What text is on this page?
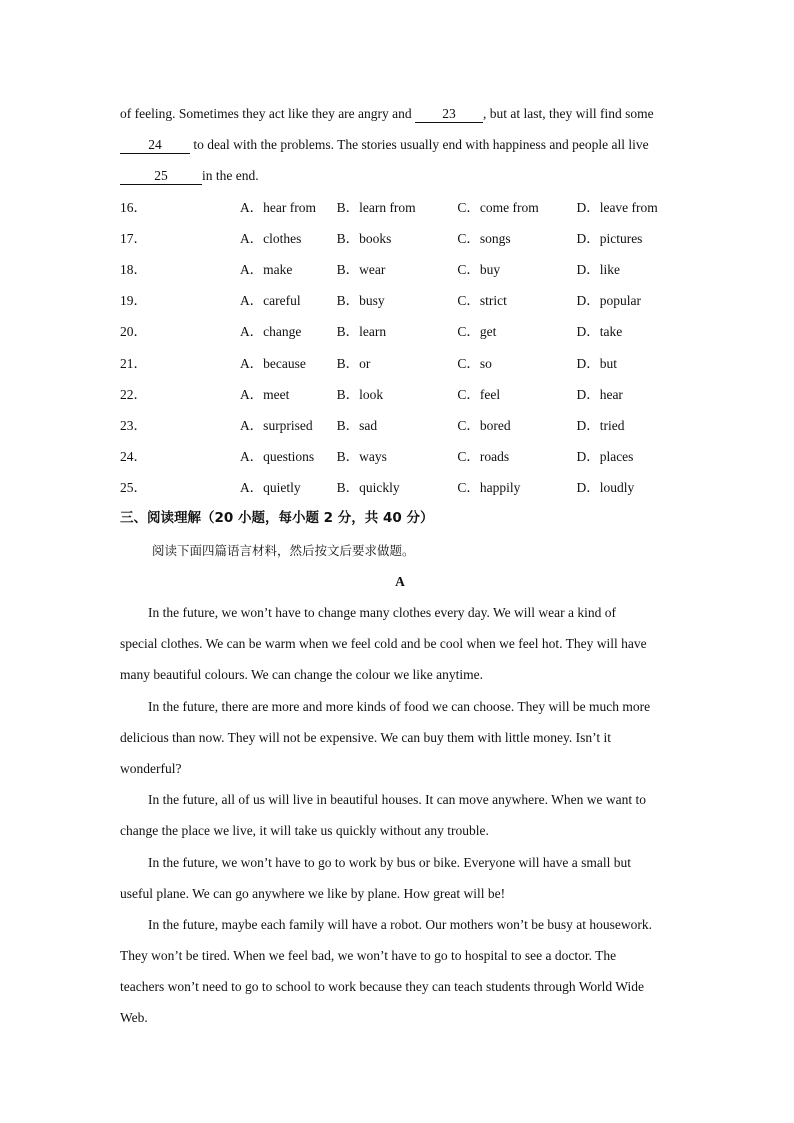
of feeling. Sometimes they act like they are angry and 23 , but at last, they will find some
24 to deal with the problems. The stories usually end with happiness and people all live
25	in the end.
16．	A．hear from	B．learn from	C．come from	D．leave from
17．	A．clothes	B．books	C．songs	D．pictures
18．	A．make	B．wear	C．buy	D．like
19．	A．careful	B．busy	C．strict	D．popular
20．	A．change	B．learn	C．get	D．take
21．	A．because	B．or	C．so	D．but
22．	A．meet	B．look	C．feel	D．hear
23．	A．surprised	B．sad	C．bored	D．tried
24．	A．questions	B．ways	C．roads	D．places
25．	A．quietly	B．quickly	C．happily	D．loudly
三、阅读理解（20 小题，每小题 2 分，共 40 分）
阅读下面四篇语言材料，然后按文后要求做题。
A
In the future, we won’t have to change many clothes every day. We will wear a kind of
special clothes. We can be warm when we feel cold and be cool when we feel hot. They will have
many beautiful colours. We can change the colour we like anytime.
In the future, there are more and more kinds of food we can choose. They will be much more
delicious than now. They will not be expensive. We can buy them with little money. Isn’t it
wonderful?
In the future, all of us will live in beautiful houses. It can move anywhere. When we want to
change the place we live, it will take us quickly without any trouble.
In the future, we won’t have to go to work by bus or bike. Everyone will have a small but
useful plane. We can go anywhere we like by plane. How great will be!
In the future, maybe each family will have a robot. Our mothers won’t be busy at housework.
They won’t be tired. When we feel bad, we won’t have to go to hospital to see a doctor. The
teachers won’t need to go to school to work because they can teach students through World Wide
Web.
